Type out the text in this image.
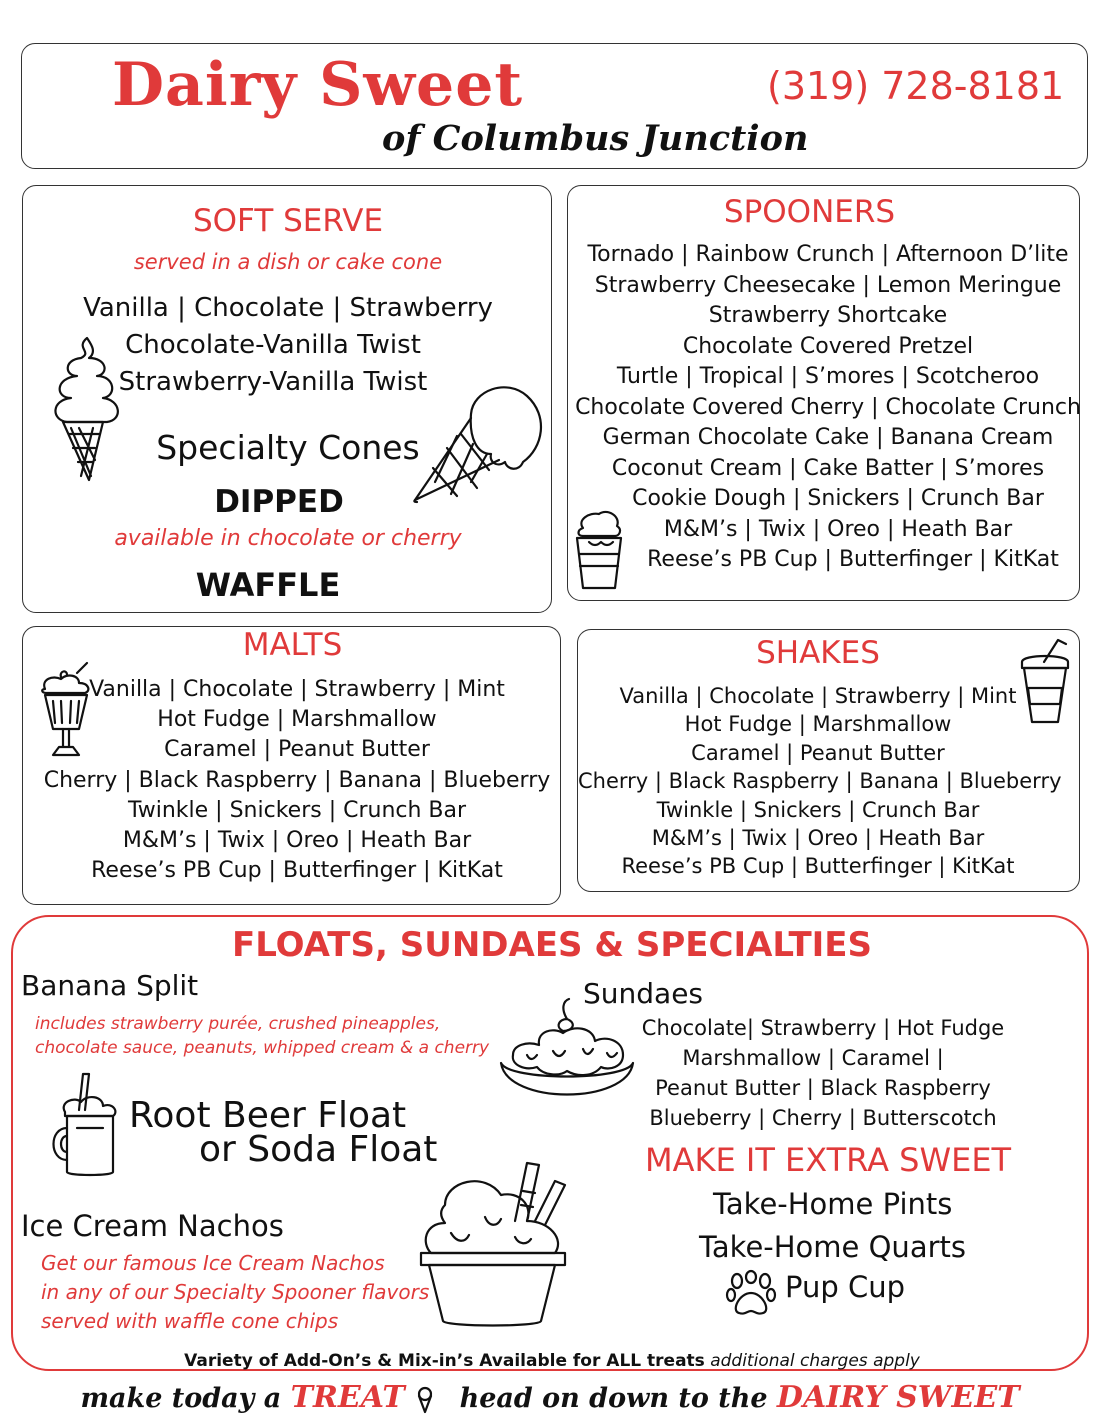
Dairy Sweet
of Columbus Junction
(319) 728-8181
SOFT SERVE
served in a dish or cake cone
Vanilla | Chocolate | Strawberry
Chocolate-Vanilla Twist
Strawberry-Vanilla Twist
Specialty Cones
DIPPED
available in chocolate or cherry
WAFFLE
SPOONERS
Tornado | Rainbow Crunch | Afternoon D’lite
Strawberry Cheesecake | Lemon Meringue
Strawberry Shortcake
Chocolate Covered Pretzel
Turtle | Tropical | S’mores | Scotcheroo
Chocolate Covered Cherry | Chocolate Crunch
German Chocolate Cake | Banana Cream
Coconut Cream | Cake Batter | S’mores
Cookie Dough | Snickers | Crunch Bar
M&M’s | Twix | Oreo | Heath Bar
Reese’s PB Cup | Butterfinger | KitKat
MALTS
Vanilla | Chocolate | Strawberry | Mint
Hot Fudge | Marshmallow
Caramel | Peanut Butter
Cherry | Black Raspberry | Banana | Blueberry
Twinkle | Snickers | Crunch Bar
M&M’s | Twix | Oreo | Heath Bar
Reese’s PB Cup | Butterfinger | KitKat
SHAKES
Vanilla | Chocolate | Strawberry | Mint
Hot Fudge | Marshmallow
Caramel | Peanut Butter
Cherry | Black Raspberry | Banana | Blueberry
Twinkle | Snickers | Crunch Bar
M&M’s | Twix | Oreo | Heath Bar
Reese’s PB Cup | Butterfinger | KitKat
FLOATS, SUNDAES & SPECIALTIES
Banana Split
includes strawberry purée, crushed pineapples,
chocolate sauce, peanuts, whipped cream & a cherry
Root Beer Float
or Soda Float
Ice Cream Nachos
Get our famous Ice Cream Nachos
in any of our Specialty Spooner flavors
served with waffle cone chips
Sundaes
Chocolate| Strawberry | Hot Fudge
Marshmallow | Caramel |
Peanut Butter | Black Raspberry
Blueberry | Cherry | Butterscotch
MAKE IT EXTRA SWEET
Take-Home Pints
Take-Home Quarts
Pup Cup
Variety of Add-On’s & Mix-in’s Available for ALL treats additional charges apply
make today a TREAT head on down to the DAIRY SWEET
